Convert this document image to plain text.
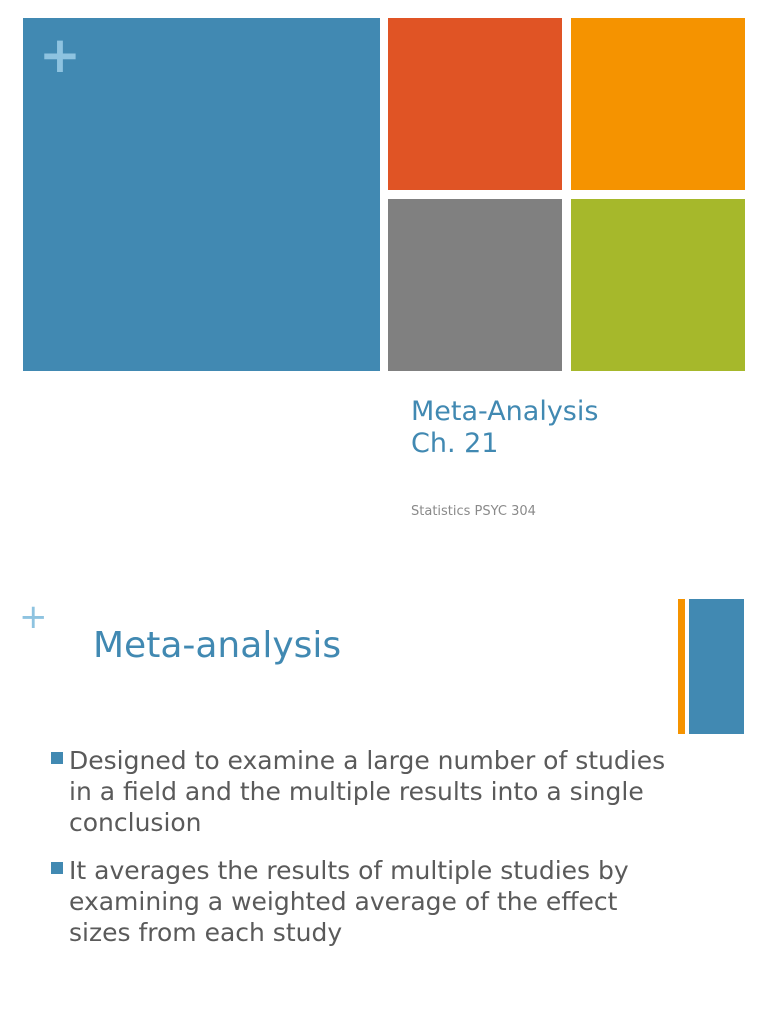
+
Meta-Analysis
Ch. 21
Statistics PSYC 304
+
Meta-analysis
Designed to examine a large number of studies in a field and the multiple results into a single conclusion
It averages the results of multiple studies by examining a weighted average of the effect sizes from each study
